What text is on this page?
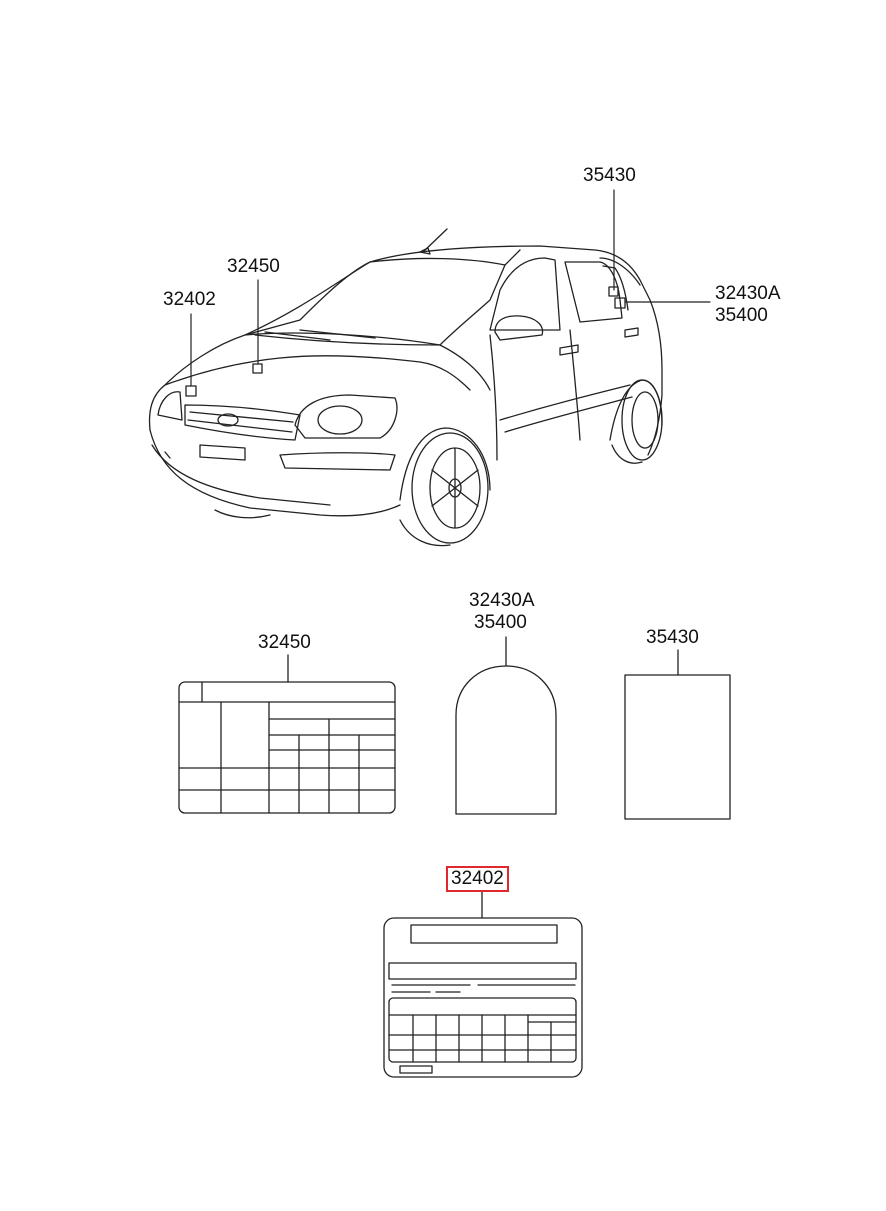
35430
32450
32402	32430A
35400
32450
32430A
35400
35430
32402
